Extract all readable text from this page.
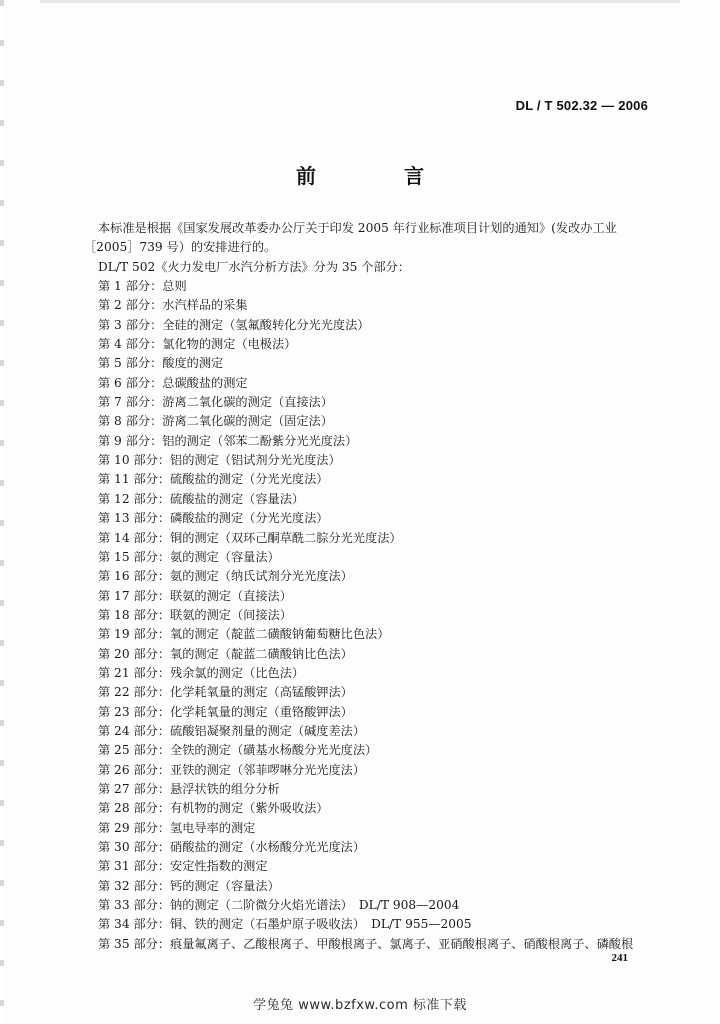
DL / T 502.32 — 2006
前　言

本标准是根据《国家发展改革委办公厅关于印发 2005 年行业标准项目计划的通知》(发改办工业

［2005］739 号）的安排进行的。

DL/T 502《火力发电厂水汽分析方法》分为 35 个部分：

第 1 部分：总则
第 2 部分：水汽样品的采集
第 3 部分：全硅的测定（氢氟酸转化分光光度法）
第 4 部分：氯化物的测定（电极法）
第 5 部分：酸度的测定
第 6 部分：总碳酸盐的测定
第 7 部分：游离二氧化碳的测定（直接法）
第 8 部分：游离二氧化碳的测定（固定法）
第 9 部分：铝的测定（邻苯二酚紫分光光度法）
第 10 部分：铝的测定（铝试剂分光光度法）
第 11 部分：硫酸盐的测定（分光光度法）
第 12 部分：硫酸盐的测定（容量法）
第 13 部分：磷酸盐的测定（分光光度法）
第 14 部分：铜的测定（双环己酮草酰二腙分光光度法）
第 15 部分：氨的测定（容量法）
第 16 部分：氨的测定（纳氏试剂分光光度法）
第 17 部分：联氨的测定（直接法）
第 18 部分：联氨的测定（间接法）
第 19 部分：氧的测定（靛蓝二磺酸钠葡萄糖比色法）
第 20 部分：氧的测定（靛蓝二磺酸钠比色法）
第 21 部分：残余氯的测定（比色法）
第 22 部分：化学耗氧量的测定（高锰酸钾法）
第 23 部分：化学耗氧量的测定（重铬酸钾法）
第 24 部分：硫酸铝凝聚剂量的测定（碱度差法）
第 25 部分：全铁的测定（磺基水杨酸分光光度法）
第 26 部分：亚铁的测定（邻菲啰啉分光光度法）
第 27 部分：悬浮状铁的组分分析
第 28 部分：有机物的测定（紫外吸收法）
第 29 部分：氢电导率的测定
第 30 部分：硝酸盐的测定（水杨酸分光光度法）
第 31 部分：安定性指数的测定
第 32 部分：钙的测定（容量法）
第 33 部分：钠的测定（二阶微分火焰光谱法）　DL/T 908—2004
第 34 部分：铜、铁的测定（石墨炉原子吸收法）　DL/T 955—2005
第 35 部分：痕量氟离子、乙酸根离子、甲酸根离子、氯离子、亚硝酸根离子、硝酸根离子、磷酸根
241
学兔兔 www.bzfxw.com 标准下载
